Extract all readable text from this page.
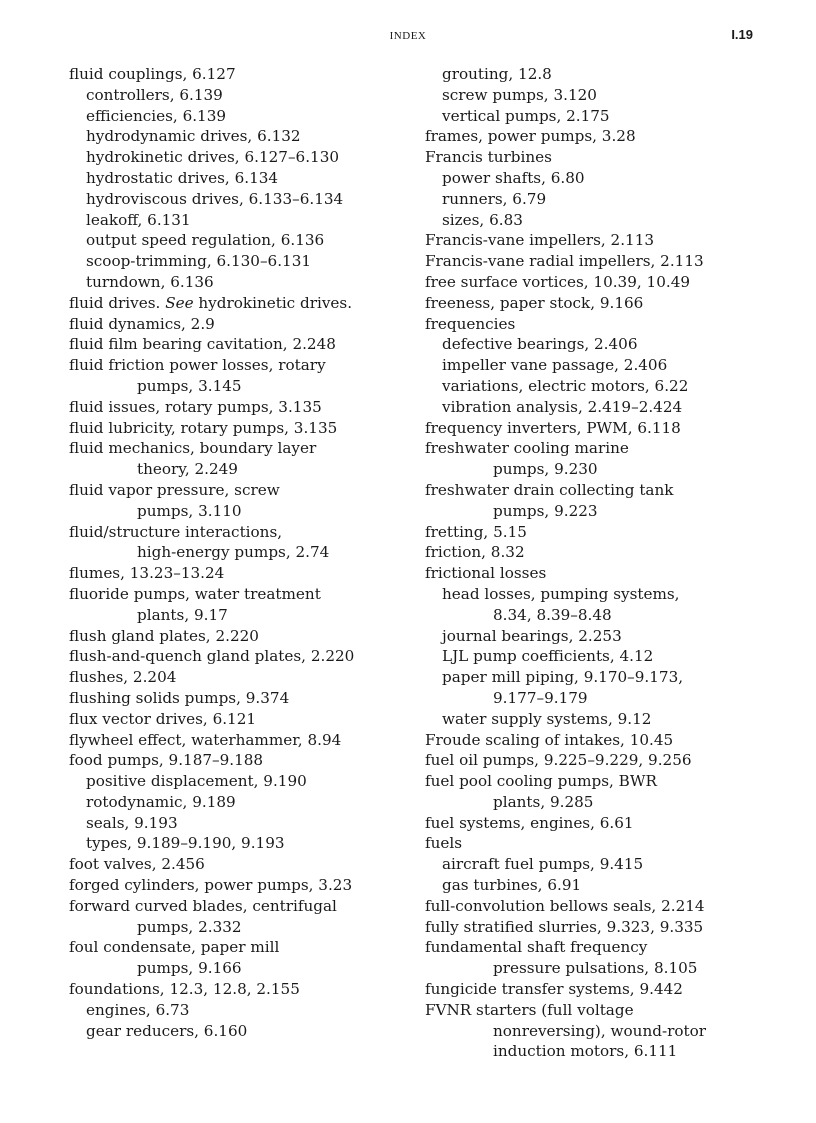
INDEX	I.19
fluid couplings, 6.127
controllers, 6.139
efficiencies, 6.139
hydrodynamic drives, 6.132
hydrokinetic drives, 6.127–6.130
hydrostatic drives, 6.134
hydroviscous drives, 6.133–6.134
leakoff, 6.131
output speed regulation, 6.136
scoop-trimming, 6.130–6.131
turndown, 6.136
fluid drives. See hydrokinetic drives.
fluid dynamics, 2.9
fluid film bearing cavitation, 2.248
fluid friction power losses, rotary
pumps, 3.145
fluid issues, rotary pumps, 3.135
fluid lubricity, rotary pumps, 3.135
fluid mechanics, boundary layer
theory, 2.249
fluid vapor pressure, screw
pumps, 3.110
fluid/structure interactions,
high-energy pumps, 2.74
flumes, 13.23–13.24
fluoride pumps, water treatment
plants, 9.17
flush gland plates, 2.220
flush-and-quench gland plates, 2.220
flushes, 2.204
flushing solids pumps, 9.374
flux vector drives, 6.121
flywheel effect, waterhammer, 8.94
food pumps, 9.187–9.188
positive displacement, 9.190
rotodynamic, 9.189
seals, 9.193
types, 9.189–9.190, 9.193
foot valves, 2.456
forged cylinders, power pumps, 3.23
forward curved blades, centrifugal
pumps, 2.332
foul condensate, paper mill
pumps, 9.166
foundations, 12.3, 12.8, 2.155
engines, 6.73
gear reducers, 6.160
grouting, 12.8
screw pumps, 3.120
vertical pumps, 2.175
frames, power pumps, 3.28
Francis turbines
power shafts, 6.80
runners, 6.79
sizes, 6.83
Francis-vane impellers, 2.113
Francis-vane radial impellers, 2.113
free surface vortices, 10.39, 10.49
freeness, paper stock, 9.166
frequencies
defective bearings, 2.406
impeller vane passage, 2.406
variations, electric motors, 6.22
vibration analysis, 2.419–2.424
frequency inverters, PWM, 6.118
freshwater cooling marine
pumps, 9.230
freshwater drain collecting tank
pumps, 9.223
fretting, 5.15
friction, 8.32
frictional losses
head losses, pumping systems,
8.34, 8.39–8.48
journal bearings, 2.253
LJL pump coefficients, 4.12
paper mill piping, 9.170–9.173,
9.177–9.179
water supply systems, 9.12
Froude scaling of intakes, 10.45
fuel oil pumps, 9.225–9.229, 9.256
fuel pool cooling pumps, BWR
plants, 9.285
fuel systems, engines, 6.61
fuels
aircraft fuel pumps, 9.415
gas turbines, 6.91
full-convolution bellows seals, 2.214
fully stratified slurries, 9.323, 9.335
fundamental shaft frequency
pressure pulsations, 8.105
fungicide transfer systems, 9.442
FVNR starters (full voltage
nonreversing), wound-rotor
induction motors, 6.111
